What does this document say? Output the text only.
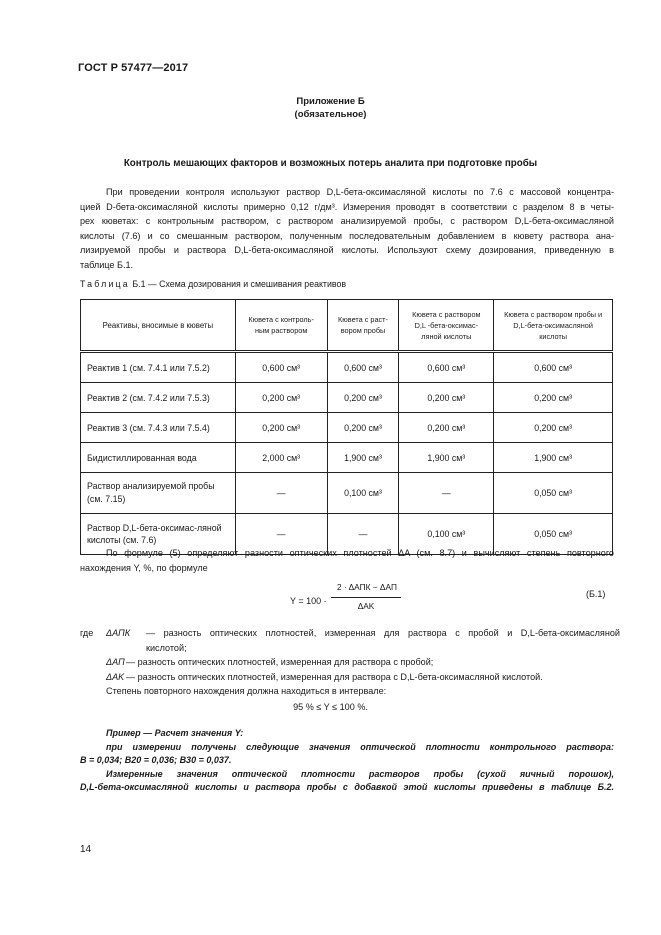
ГОСТ Р 57477—2017
Приложение Б
(обязательное)
Контроль мешающих факторов и возможных потерь аналита при подготовке пробы
При проведении контроля используют раствор D,L-бета-оксимасляной кислоты по 7.6 с массовой концентра-
цией D-бета-оксимасляной кислоты примерно 0,12 г/дм³. Измерения проводят в соответствии с разделом 8 в четы-
рех кюветах: с контрольным раствором, с раствором анализируемой пробы, с раствором D,L-бета-оксимасляной
кислоты (7.6) и со смешанным раствором, полученным последовательным добавлением в кювету раствора ана-
лизируемой пробы и раствора D,L-бета-оксимасляной кислоты. Используют схему дозирования, приведенную в
таблице Б.1.
Таблица Б.1 — Схема дозирования и смешивания реактивов
Реактивы, вносимые в кюветы	Кювета с контроль-ным раствором	Кювета с раст-вором пробы	Кювета с раствором D,L -бета-оксимас-ляной кислоты	Кювета с раствором пробы и D,L-бета-оксимасляной кислоты
Реактив 1 (см. 7.4.1 или 7.5.2)	0,600 см³	0,600 см³	0,600 см³	0,600 см³
Реактив 2 (см. 7.4.2 или 7.5.3)	0,200 см³	0,200 см³	0,200 см³	0,200 см³
Реактив 3 (см. 7.4.3 или 7.5.4)	0,200 см³	0,200 см³	0,200 см³	0,200 см³
Бидистиллированная вода	2,000 см³	1,900 см³	1,900 см³	1,900 см³
Раствор анализируемой пробы (см. 7.15)	—	0,100 см³	—	0,050 см³
Раствор D,L-бета-оксимас-ляной кислоты (см. 7.6)	—	—	0,100 см³	0,050 см³
По формуле (5) определяют разности оптических плотностей ΔA (см. 8.7) и вычисляют степень повторного
нахождения Y, %, по формуле
Y = 100 ·
2 · ΔAПК − ΔAП
ΔAK
(Б.1)
где	ΔAПК	— разность оптических плотностей, измеренная для раствора с пробой и D,L-бета-оксимасляной
кислотой;
ΔAП — разность оптических плотностей, измеренная для раствора с пробой;
ΔAK — разность оптических плотностей, измеренная для раствора с D,L-бета-оксимасляной кислотой.
Степень повторного нахождения должна находиться в интервале:
95 % ≤ Y ≤ 100 %.
Пример — Расчет значения Y:
при измерении получены следующие значения оптической плотности контрольного раствора:
B = 0,034; B20 = 0,036; B30 = 0,037.
Измеренные значения оптической плотности растворов пробы (сухой яичный порошок),
D,L-бета-оксимасляной кислоты и раствора пробы с добавкой этой кислоты приведены в таблице Б.2.
14
